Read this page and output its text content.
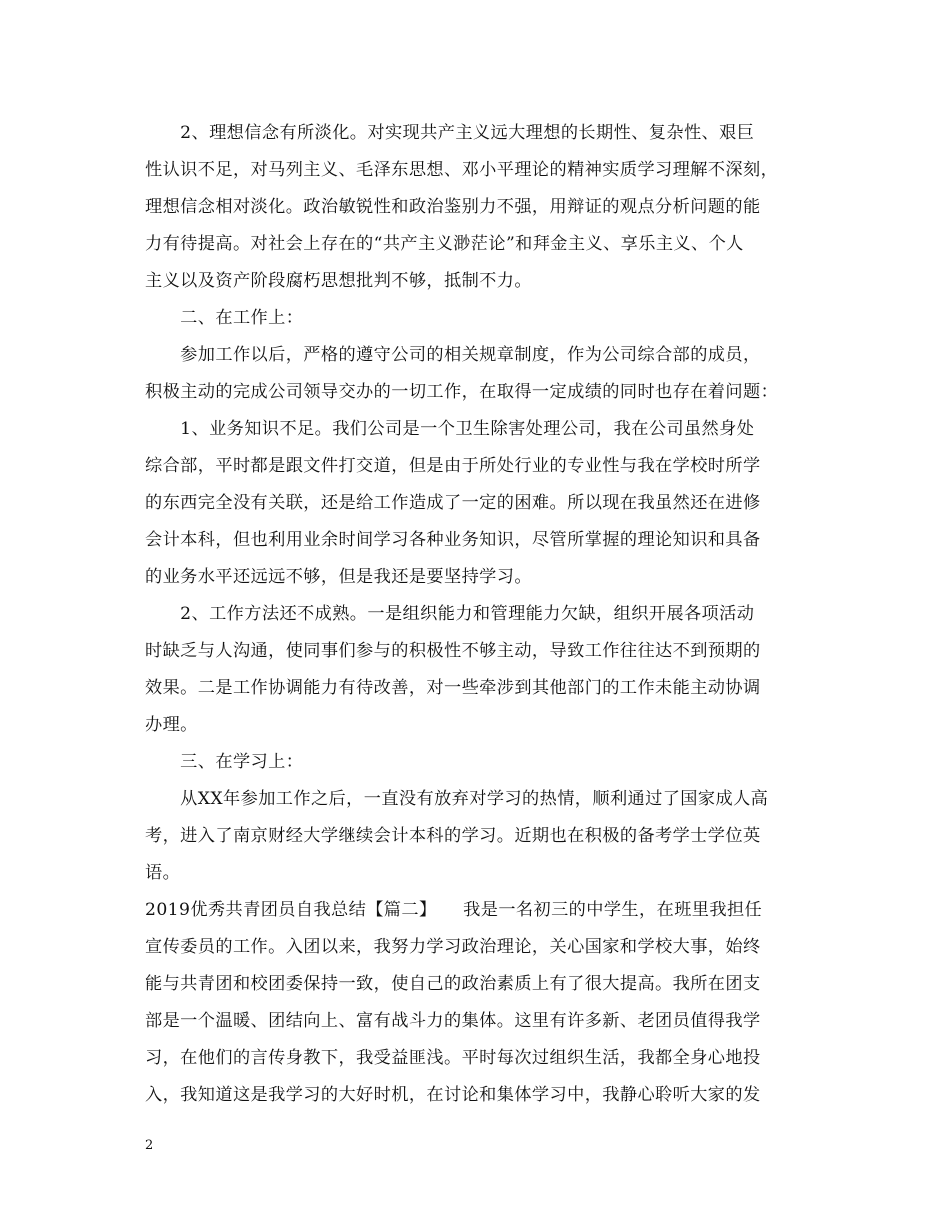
　　2、理想信念有所淡化。对实现共产主义远大理想的长期性、复杂性、艰巨
性认识不足，对马列主义、毛泽东思想、邓小平理论的精神实质学习理解不深刻，
理想信念相对淡化。政治敏锐性和政治鉴别力不强，用辩证的观点分析问题的能
力有待提高。对社会上存在的“共产主义渺茫论”和拜金主义、享乐主义、个人
主义以及资产阶段腐朽思想批判不够，抵制不力。
　　二、在工作上：
　　参加工作以后，严格的遵守公司的相关规章制度，作为公司综合部的成员，
积极主动的完成公司领导交办的一切工作，在取得一定成绩的同时也存在着问题：
　　1、业务知识不足。我们公司是一个卫生除害处理公司，我在公司虽然身处
综合部，平时都是跟文件打交道，但是由于所处行业的专业性与我在学校时所学
的东西完全没有关联，还是给工作造成了一定的困难。所以现在我虽然还在进修
会计本科，但也利用业余时间学习各种业务知识，尽管所掌握的理论知识和具备
的业务水平还远远不够，但是我还是要坚持学习。
　　2、工作方法还不成熟。一是组织能力和管理能力欠缺，组织开展各项活动
时缺乏与人沟通，使同事们参与的积极性不够主动，导致工作往往达不到预期的
效果。二是工作协调能力有待改善，对一些牵涉到其他部门的工作未能主动协调
办理。
　　三、在学习上：
　　从XX年参加工作之后，一直没有放弃对学习的热情，顺利通过了国家成人高
考，进入了南京财经大学继续会计本科的学习。近期也在积极的备考学士学位英
语。
2019优秀共青团员自我总结【篇二】　　我是一名初三的中学生，在班里我担任
宣传委员的工作。入团以来，我努力学习政治理论，关心国家和学校大事，始终
能与共青团和校团委保持一致，使自己的政治素质上有了很大提高。我所在团支
部是一个温暖、团结向上、富有战斗力的集体。这里有许多新、老团员值得我学
习，在他们的言传身教下，我受益匪浅。平时每次过组织生活，我都全身心地投
入，我知道这是我学习的大好时机，在讨论和集体学习中，我静心聆听大家的发
2
